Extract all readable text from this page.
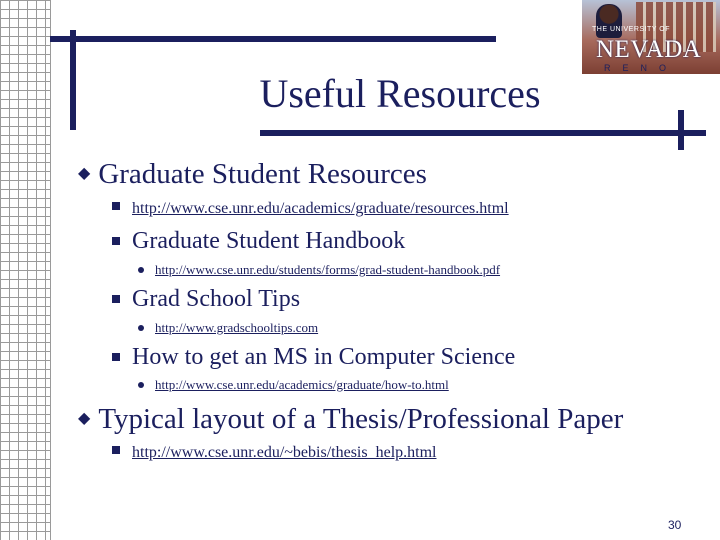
Useful Resources
THE UNIVERSITY OF
NEVADA
RENO
◆ Graduate Student Resources
http://www.cse.unr.edu/academics/graduate/resources.html
Graduate Student Handbook
http://www.cse.unr.edu/students/forms/grad-student-handbook.pdf
Grad School Tips
http://www.gradschooltips.com
How to get an MS in Computer Science
http://www.cse.unr.edu/academics/graduate/how-to.html
◆ Typical layout of a Thesis/Professional Paper
http://www.cse.unr.edu/~bebis/thesis_help.html
30
